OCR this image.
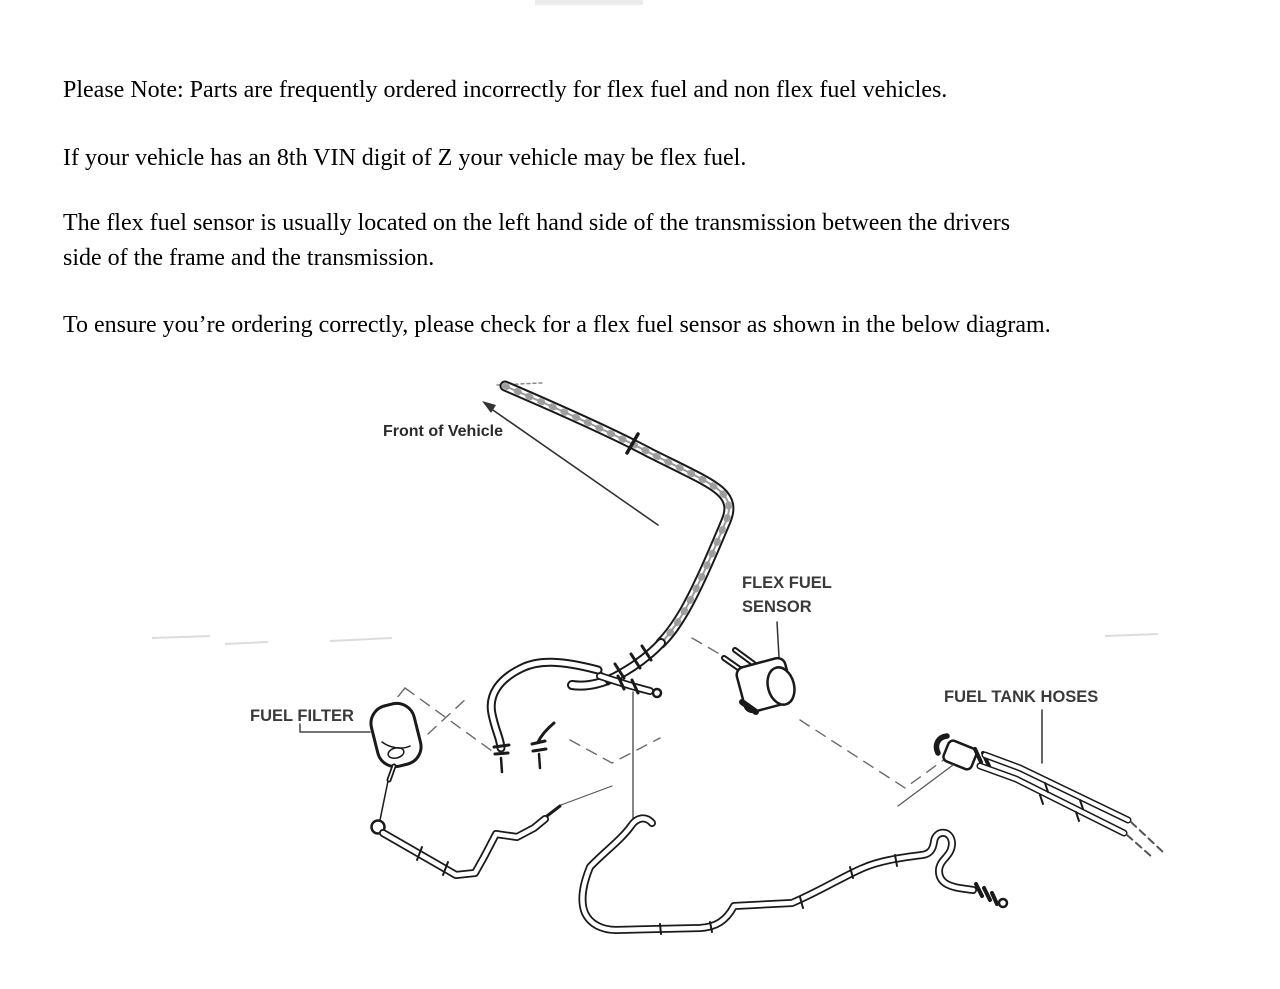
Please Note: Parts are frequently ordered incorrectly for flex fuel and non flex fuel vehicles.

If your vehicle has an 8th VIN digit of Z your vehicle may be flex fuel.

The flex fuel sensor is usually located on the left hand side of the transmission between the drivers

side of the frame and the transmission.

To ensure you’re ordering correctly, please check for a flex fuel sensor as shown in the below diagram.

Front of Vehicle
FLEX FUEL
SENSOR
FUEL TANK HOSES
FUEL FILTER
